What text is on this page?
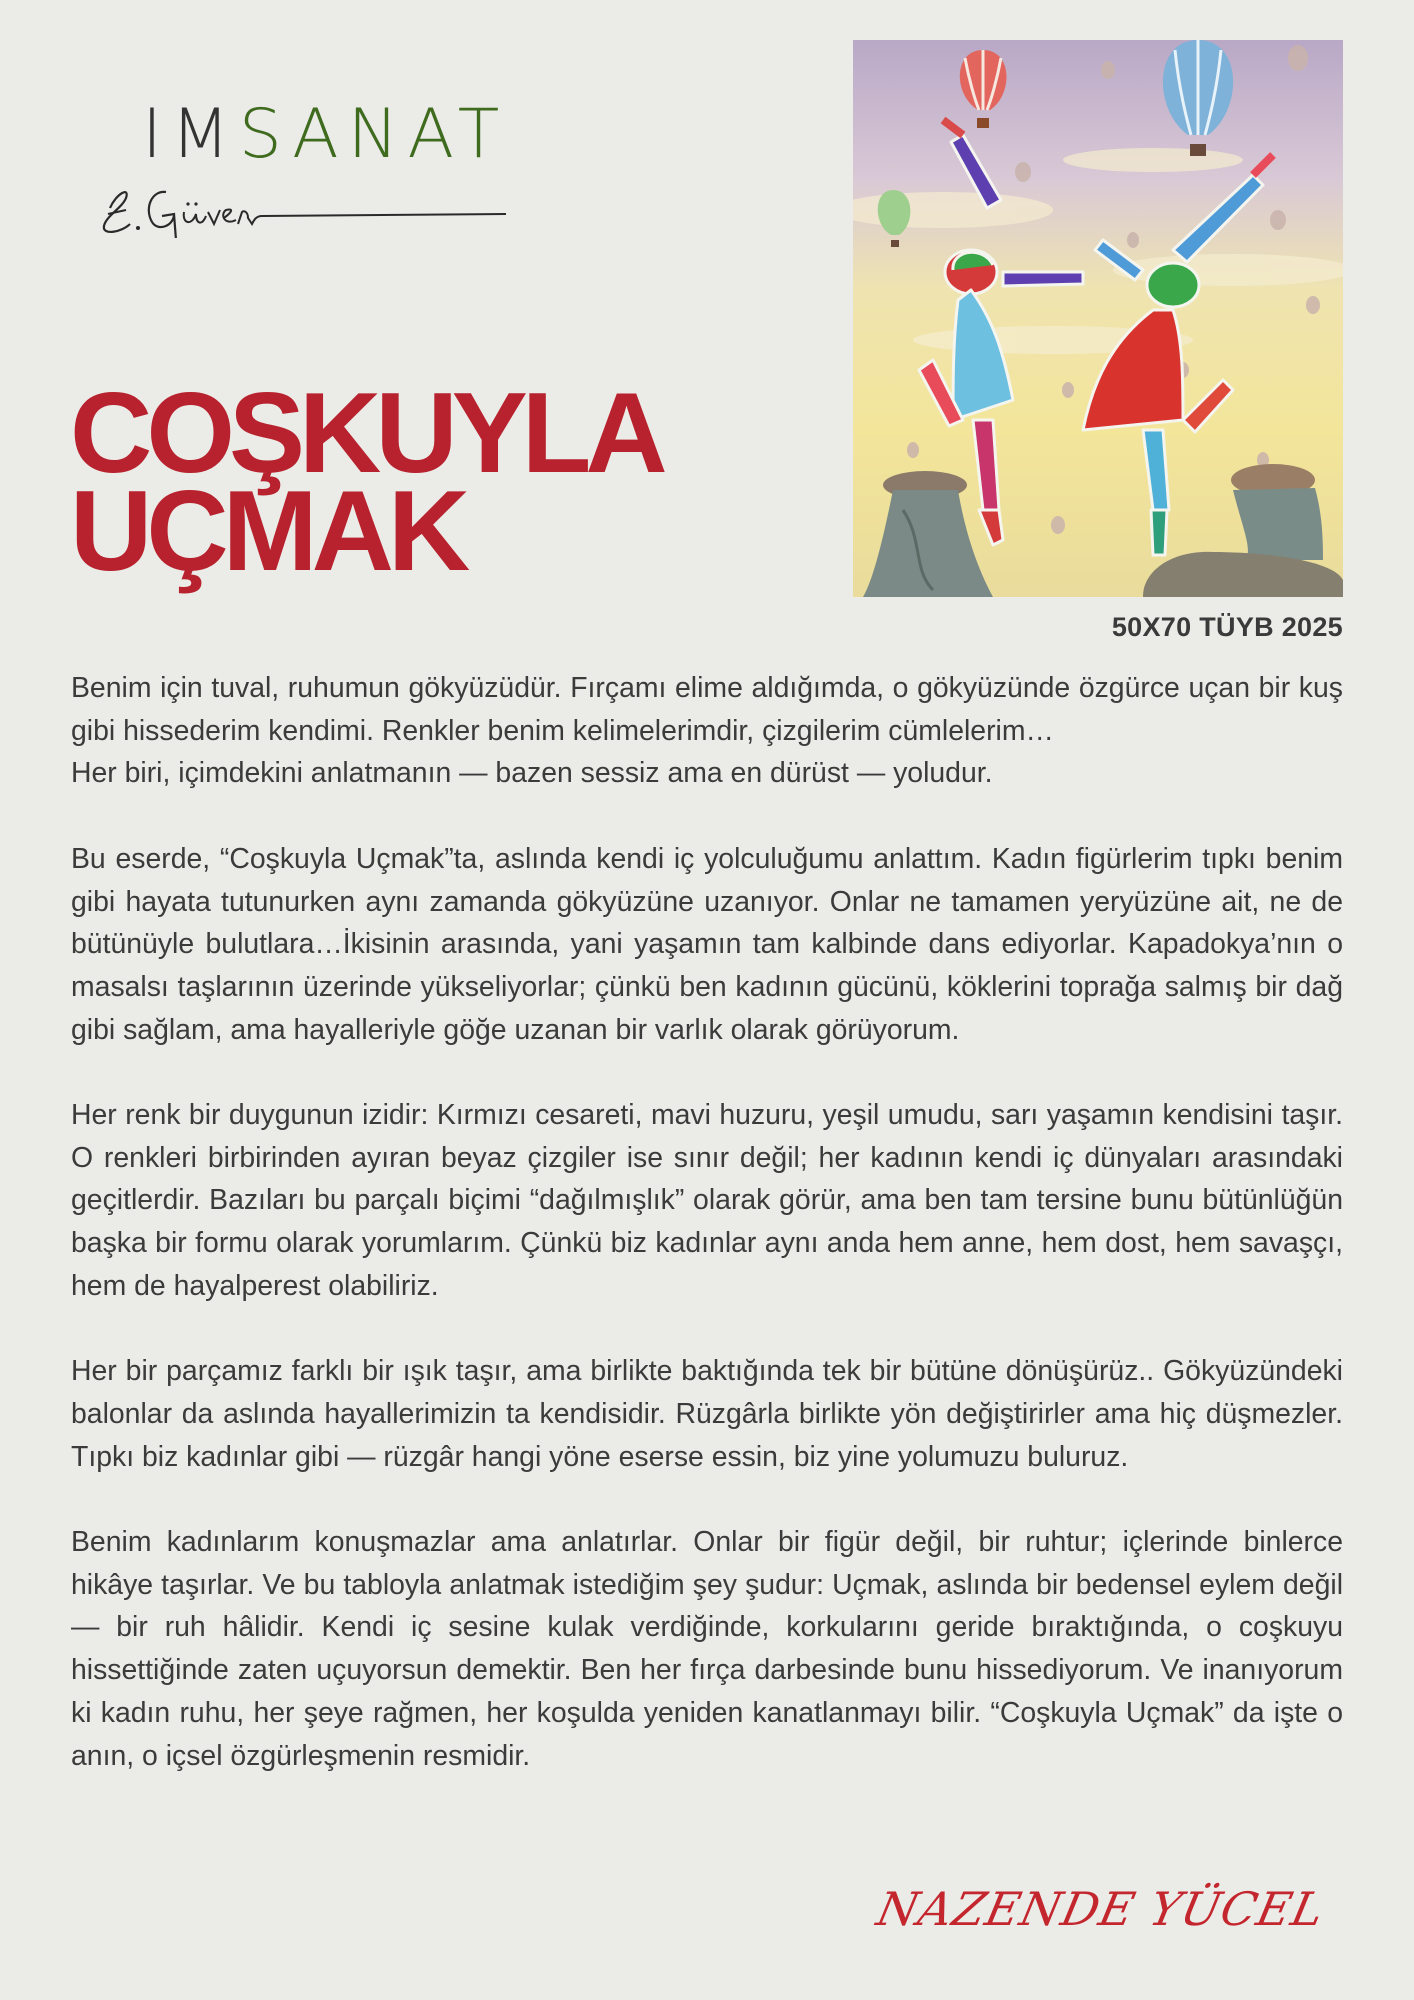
IMSANAT
COŞKUYLA
UÇMAK

50X70 TÜYB 2025

Benim için tuval, ruhumun gökyüzüdür. Fırçamı elime aldığımda, o gökyüzünde özgürce uçan bir kuş gibi hissederim kendimi. Renkler benim kelimelerimdir, çizgilerim cümlelerim…
Her biri, içimdekini anlatmanın — bazen sessiz ama en dürüst — yoludur.

Bu eserde, “Coşkuyla Uçmak”ta, aslında kendi iç yolculuğumu anlattım. Kadın figürlerim tıpkı benim gibi hayata tutunurken aynı zamanda gökyüzüne uzanıyor. Onlar ne tamamen yeryüzüne ait, ne de bütünüyle bulutlara…İkisinin arasında, yani yaşamın tam kalbinde dans ediyorlar. Kapadokya’nın o masalsı taşlarının üzerinde yükseliyorlar; çünkü ben kadının gücünü, köklerini toprağa salmış bir dağ gibi sağlam, ama hayalleriyle göğe uzanan bir varlık olarak görüyorum.

Her renk bir duygunun izidir: Kırmızı cesareti, mavi huzuru, yeşil umudu, sarı yaşamın kendisini taşır. O renkleri birbirinden ayıran beyaz çizgiler ise sınır değil; her kadının kendi iç dünyaları arasındaki geçitlerdir. Bazıları bu parçalı biçimi “dağılmışlık” olarak görür, ama ben tam tersine bunu bütünlüğün başka bir formu olarak yorumlarım. Çünkü biz kadınlar aynı anda hem anne, hem dost, hem savaşçı, hem de hayalperest olabiliriz.

Her bir parçamız farklı bir ışık taşır, ama birlikte baktığında tek bir bütüne dönüşürüz.. Gökyüzündeki balonlar da aslında hayallerimizin ta kendisidir. Rüzgârla birlikte yön değiştirirler ama hiç düşmezler. Tıpkı biz kadınlar gibi — rüzgâr hangi yöne eserse essin, biz yine yolumuzu buluruz.

Benim kadınlarım konuşmazlar ama anlatırlar. Onlar bir figür değil, bir ruhtur; içlerinde binlerce hikâye taşırlar. Ve bu tabloyla anlatmak istediğim şey şudur: Uçmak, aslında bir bedensel eylem değil — bir ruh hâlidir. Kendi iç sesine kulak verdiğinde, korkularını geride bıraktığında, o coşkuyu hissettiğinde zaten uçuyorsun demektir. Ben her fırça darbesinde bunu hissediyorum. Ve inanıyorum ki kadın ruhu, her şeye rağmen, her koşulda yeniden kanatlanmayı bilir. “Coşkuyla Uçmak” da işte o anın, o içsel özgürleşmenin resmidir.

NAZENDE YÜCEL
